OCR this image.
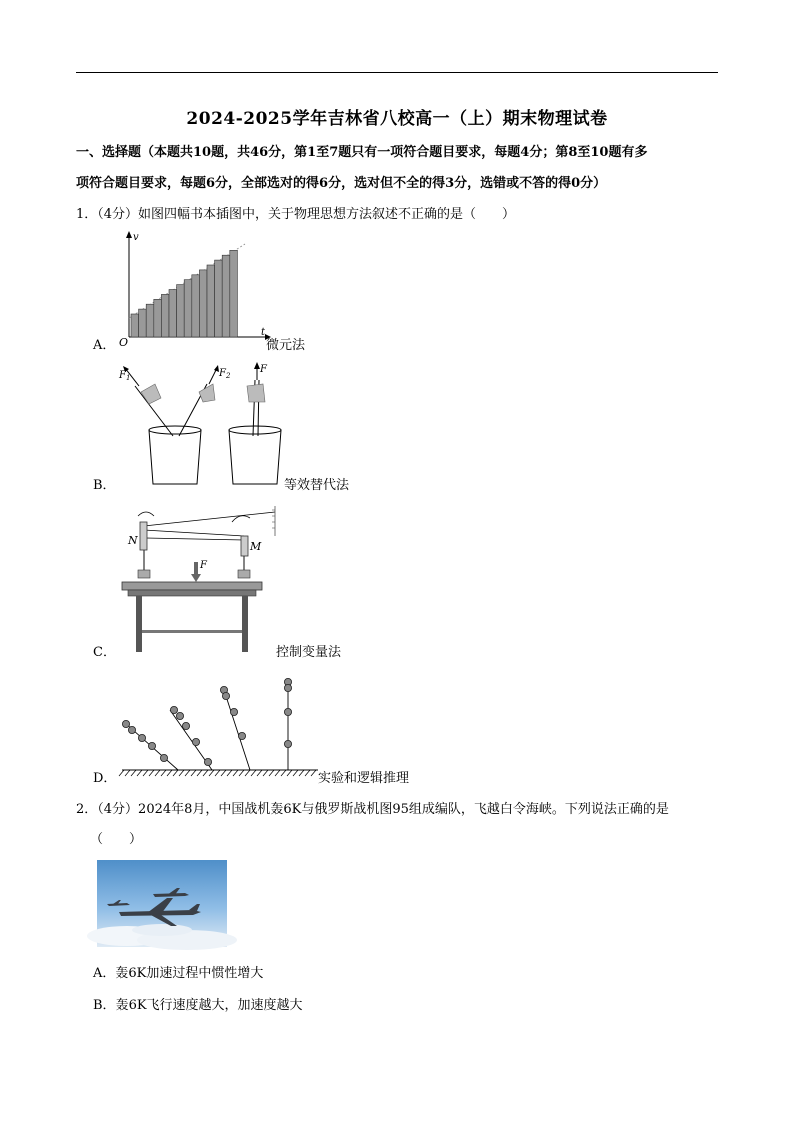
2024-2025学年吉林省八校高一（上）期末物理试卷
一、选择题（本题共10题，共46分，第1至7题只有一项符合题目要求，每题4分；第8至10题有多
项符合题目要求，每题6分，全部选对的得6分，选对但不全的得3分，选错或不答的得0分）
1．（4分）如图四幅书本插图中，关于物理思想方法叙述不正确的是（　　）
v
t
O
A．	微元法
$F_1$	$F_2$
F
B．	等效替代法
N	M
F
C．	控制变量法
D．	实验和逻辑推理
2．（4分）2024年8月，中国战机轰6K与俄罗斯战机图95组成编队，飞越白令海峡。下列说法正确的是
（　　）
A．轰6K加速过程中惯性增大
B．轰6K飞行速度越大，加速度越大
